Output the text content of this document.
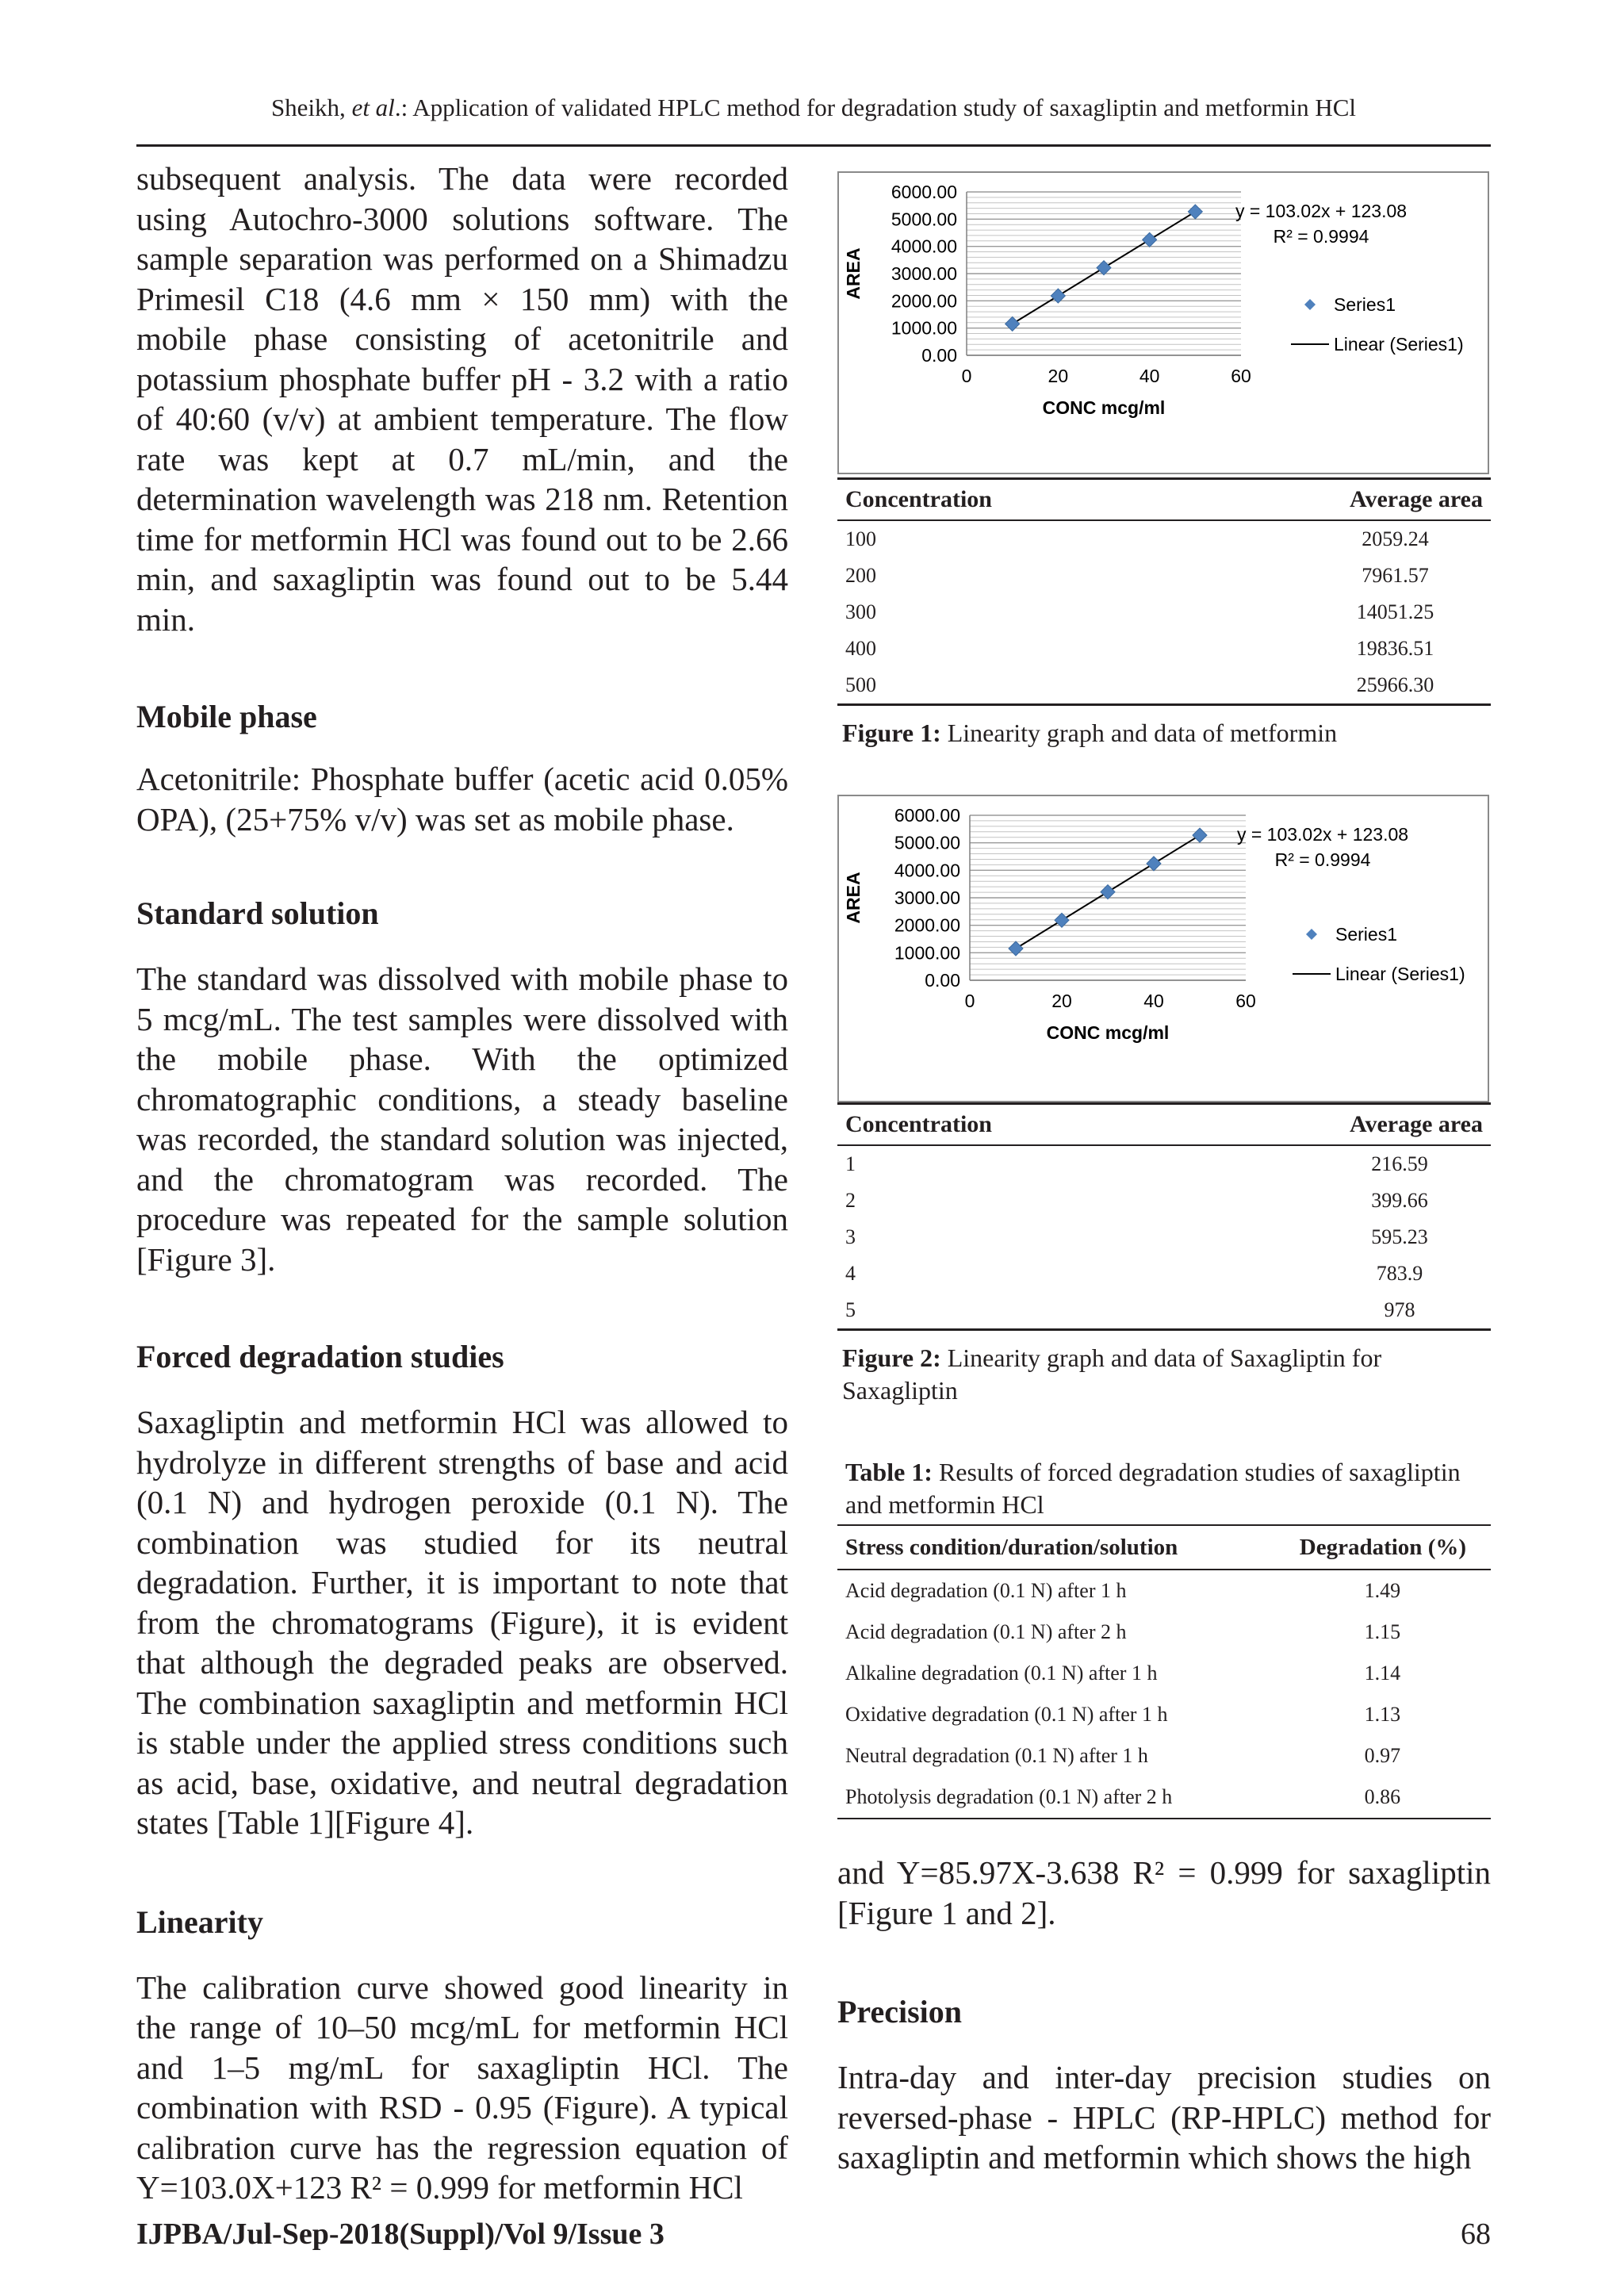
Sheikh, et al.: Application of validated HPLC method for degradation study of saxagliptin and metformin HCl

subsequent analysis. The data were recorded using Autochro-3000 solutions software. The sample separation was performed on a Shimadzu Primesil C18 (4.6 mm × 150 mm) with the mobile phase consisting of acetonitrile and potassium phosphate buffer pH - 3.2 with a ratio of 40:60 (v/v) at ambient temperature. The flow rate was kept at 0.7 mL/min, and the determination wavelength was 218 nm. Retention time for metformin HCl was found out to be 2.66 min, and saxagliptin was found out to be 5.44 min.

Mobile phase

Acetonitrile: Phosphate buffer (acetic acid 0.05% OPA), (25+75% v/v) was set as mobile phase.

Standard solution

The standard was dissolved with mobile phase to 5 mcg/mL. The test samples were dissolved with the mobile phase. With the optimized chromatographic conditions, a steady baseline was recorded, the standard solution was injected, and the chromatogram was recorded. The procedure was repeated for the sample solution [Figure 3].

Forced degradation studies

Saxagliptin and metformin HCl was allowed to hydrolyze in different strengths of base and acid (0.1 N) and hydrogen peroxide (0.1 N). The combination was studied for its neutral degradation. Further, it is important to note that from the chromatograms (Figure), it is evident that although the degraded peaks are observed. The combination saxagliptin and metformin HCl is stable under the applied stress conditions such as acid, base, oxidative, and neutral degradation states [Table 1][Figure 4].

Linearity

The calibration curve showed good linearity in the range of 10–50 mcg/mL for metformin HCl and 1–5 mg/mL for saxagliptin HCl. The combination with RSD - 0.95 (Figure). A typical calibration curve has the regression equation of Y=103.0X+123 R² = 0.999 for metformin HCl

0.00
1000.00
2000.00
3000.00
4000.00
5000.00
6000.00
0	20	40	60
CONC mcg/ml
AREA
y = 103.02x + 123.08
R² = 0.9994
Series1
Linear (Series1)
Concentration	Average area
100	2059.24
200	7961.57
300	14051.25
400	19836.51
500	25966.30
Figure 1: Linearity graph and data of metformin
0.00
1000.00
2000.00
3000.00
4000.00
5000.00
6000.00
0	20	40	60
CONC mcg/ml
AREA
y = 103.02x + 123.08
R² = 0.9994
Series1
Linear (Series1)
Concentration	Average area
1	216.59
2	399.66
3	595.23
4	783.9
5	978
Figure 2: Linearity graph and data of Saxagliptin for Saxagliptin
Table 1: Results of forced degradation studies of saxagliptin and metformin HCl
Stress condition/duration/solution	Degradation (%)
Acid degradation (0.1 N) after 1 h	1.49
Acid degradation (0.1 N) after 2 h	1.15
Alkaline degradation (0.1 N) after 1 h	1.14
Oxidative degradation (0.1 N) after 1 h	1.13
Neutral degradation (0.1 N) after 1 h	0.97
Photolysis degradation (0.1 N) after 2 h	0.86

and Y=85.97X-3.638 R² = 0.999 for saxagliptin [Figure 1 and 2].

Precision

Intra-day and inter-day precision studies on reversed-phase - HPLC (RP-HPLC) method for saxagliptin and metformin which shows the high

IJPBA/Jul-Sep-2018(Suppl)/Vol 9/Issue 3	68
